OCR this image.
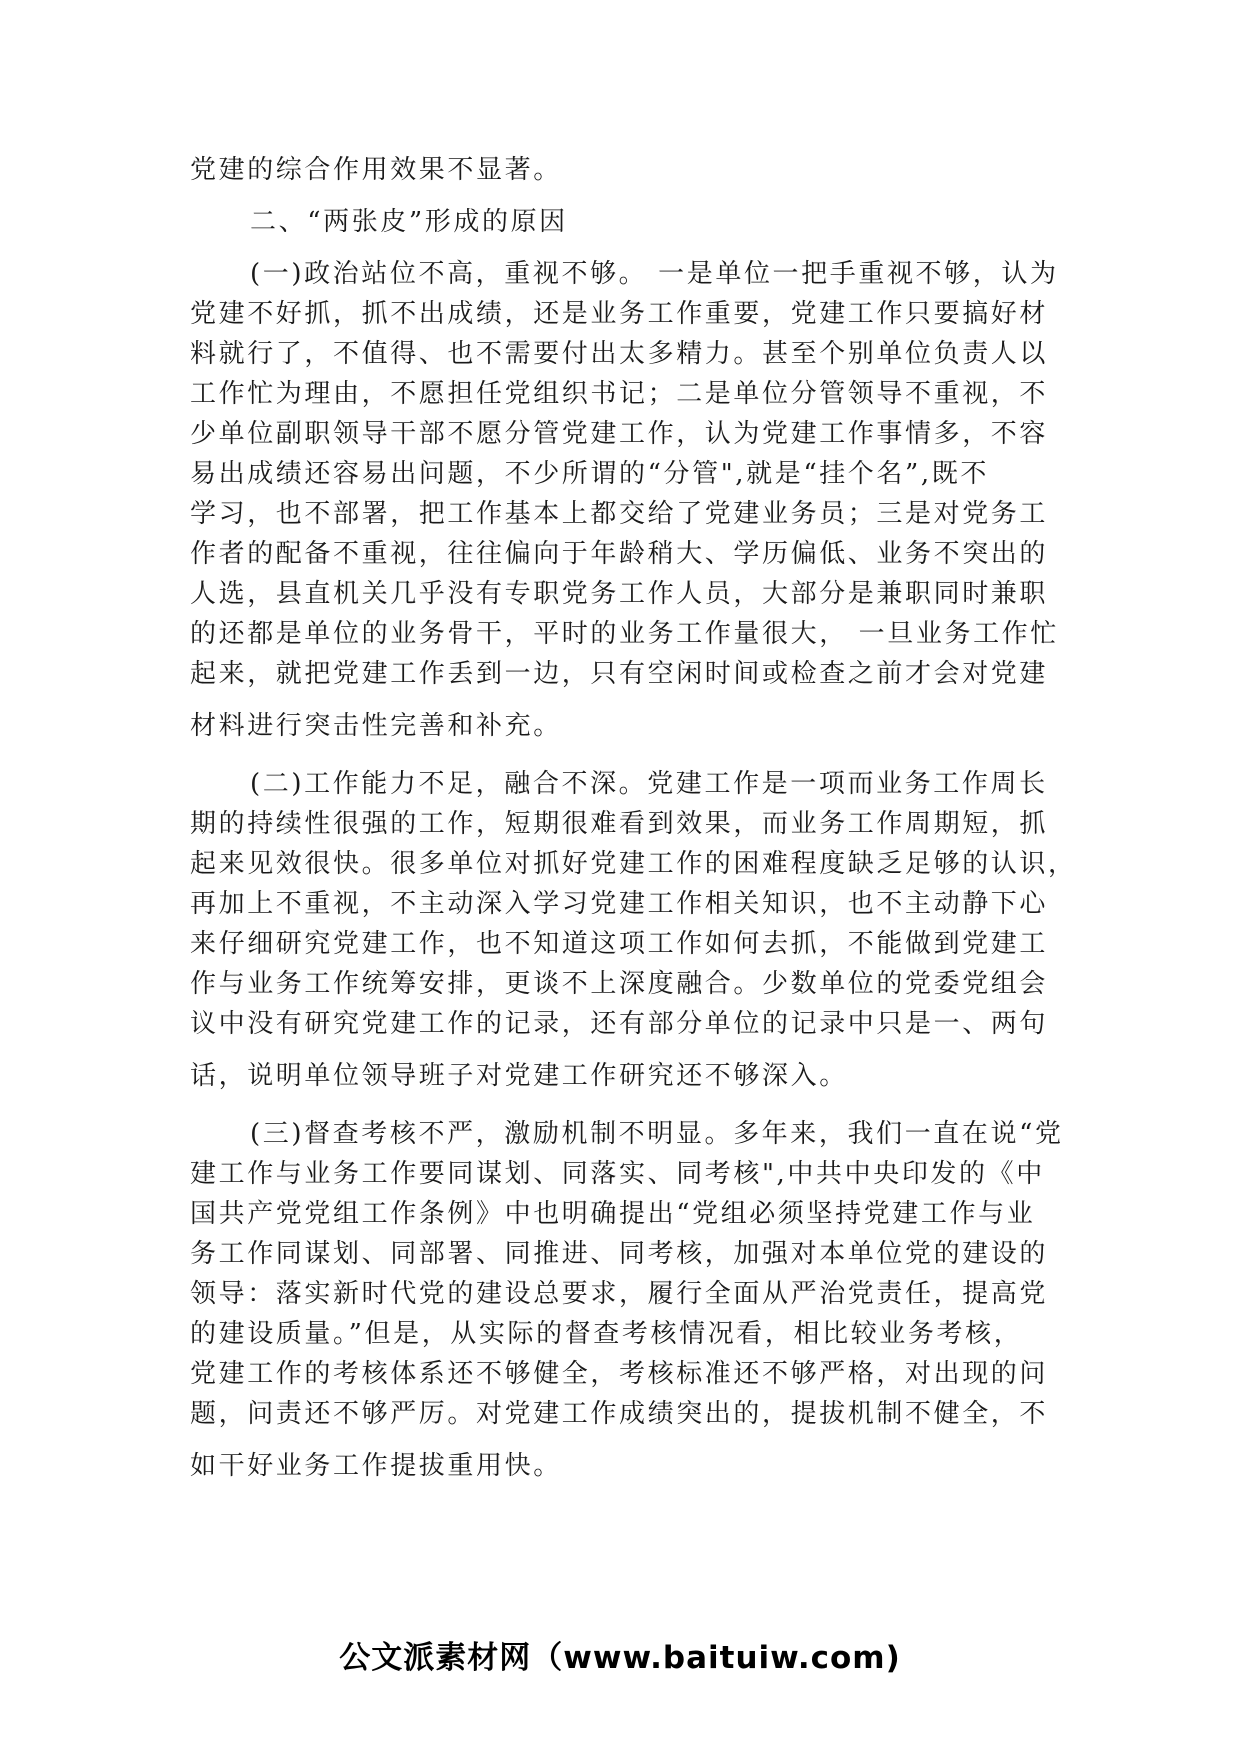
党建的综合作用效果不显著。
二、“两张皮”形成的原因
(一)政治站位不高，重视不够。 一是单位一把手重视不够，认为
党建不好抓，抓不出成绩，还是业务工作重要，党建工作只要搞好材
料就行了，不值得、也不需要付出太多精力。甚至个别单位负责人以
工作忙为理由，不愿担任党组织书记；二是单位分管领导不重视，不
少单位副职领导干部不愿分管党建工作，认为党建工作事情多，不容
易出成绩还容易出问题，不少所谓的“分管",就是“挂个名”,既不
学习，也不部署，把工作基本上都交给了党建业务员；三是对党务工
作者的配备不重视，往往偏向于年龄稍大、学历偏低、业务不突出的
人选，县直机关几乎没有专职党务工作人员，大部分是兼职同时兼职
的还都是单位的业务骨干，平时的业务工作量很大， 一旦业务工作忙
起来，就把党建工作丢到一边，只有空闲时间或检查之前才会对党建
材料进行突击性完善和补充。
(二)工作能力不足，融合不深。党建工作是一项而业务工作周长
期的持续性很强的工作，短期很难看到效果，而业务工作周期短，抓
起来见效很快。很多单位对抓好党建工作的困难程度缺乏足够的认识，
再加上不重视，不主动深入学习党建工作相关知识，也不主动静下心
来仔细研究党建工作，也不知道这项工作如何去抓，不能做到党建工
作与业务工作统筹安排，更谈不上深度融合。少数单位的党委党组会
议中没有研究党建工作的记录，还有部分单位的记录中只是一、两句
话，说明单位领导班子对党建工作研究还不够深入。
(三)督查考核不严，激励机制不明显。多年来，我们一直在说“党
建工作与业务工作要同谋划、同落实、同考核",中共中央印发的《中
国共产党党组工作条例》中也明确提出“党组必须坚持党建工作与业
务工作同谋划、同部署、同推进、同考核，加强对本单位党的建设的
领导：落实新时代党的建设总要求，履行全面从严治党责任，提高党
的建设质量。”但是，从实际的督查考核情况看，相比较业务考核，
党建工作的考核体系还不够健全，考核标准还不够严格，对出现的问
题，问责还不够严厉。对党建工作成绩突出的，提拔机制不健全，不
如干好业务工作提拔重用快。
公文派素材网（www.baituiw.com)
